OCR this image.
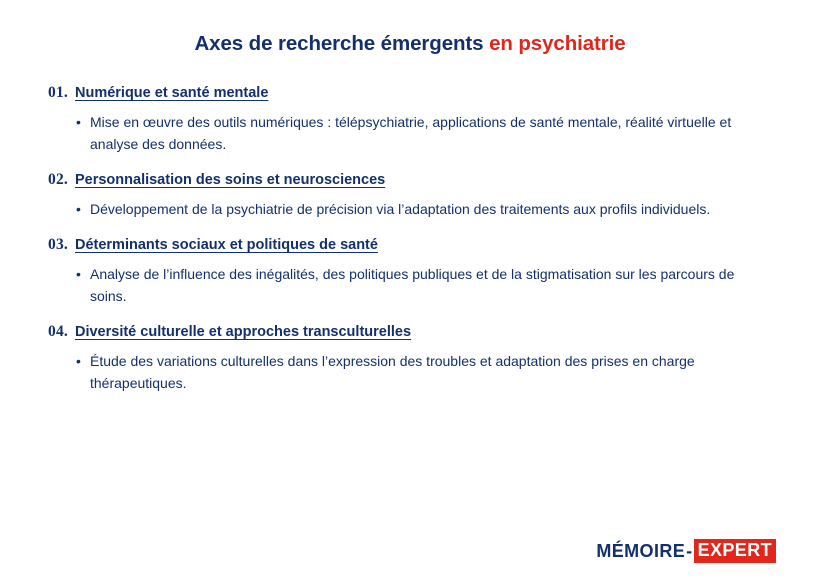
Axes de recherche émergents en psychiatrie
01. Numérique et santé mentale
• Mise en œuvre des outils numériques : télépsychiatrie, applications de santé mentale, réalité virtuelle et analyse des données.
02. Personnalisation des soins et neurosciences
• Développement de la psychiatrie de précision via l’adaptation des traitements aux profils individuels.
03. Déterminants sociaux et politiques de santé
• Analyse de l’influence des inégalités, des politiques publiques et de la stigmatisation sur les parcours de soins.
04. Diversité culturelle et approches transculturelles
• Étude des variations culturelles dans l’expression des troubles et adaptation des prises en charge thérapeutiques.
MÉMOIRE - EXPERT
